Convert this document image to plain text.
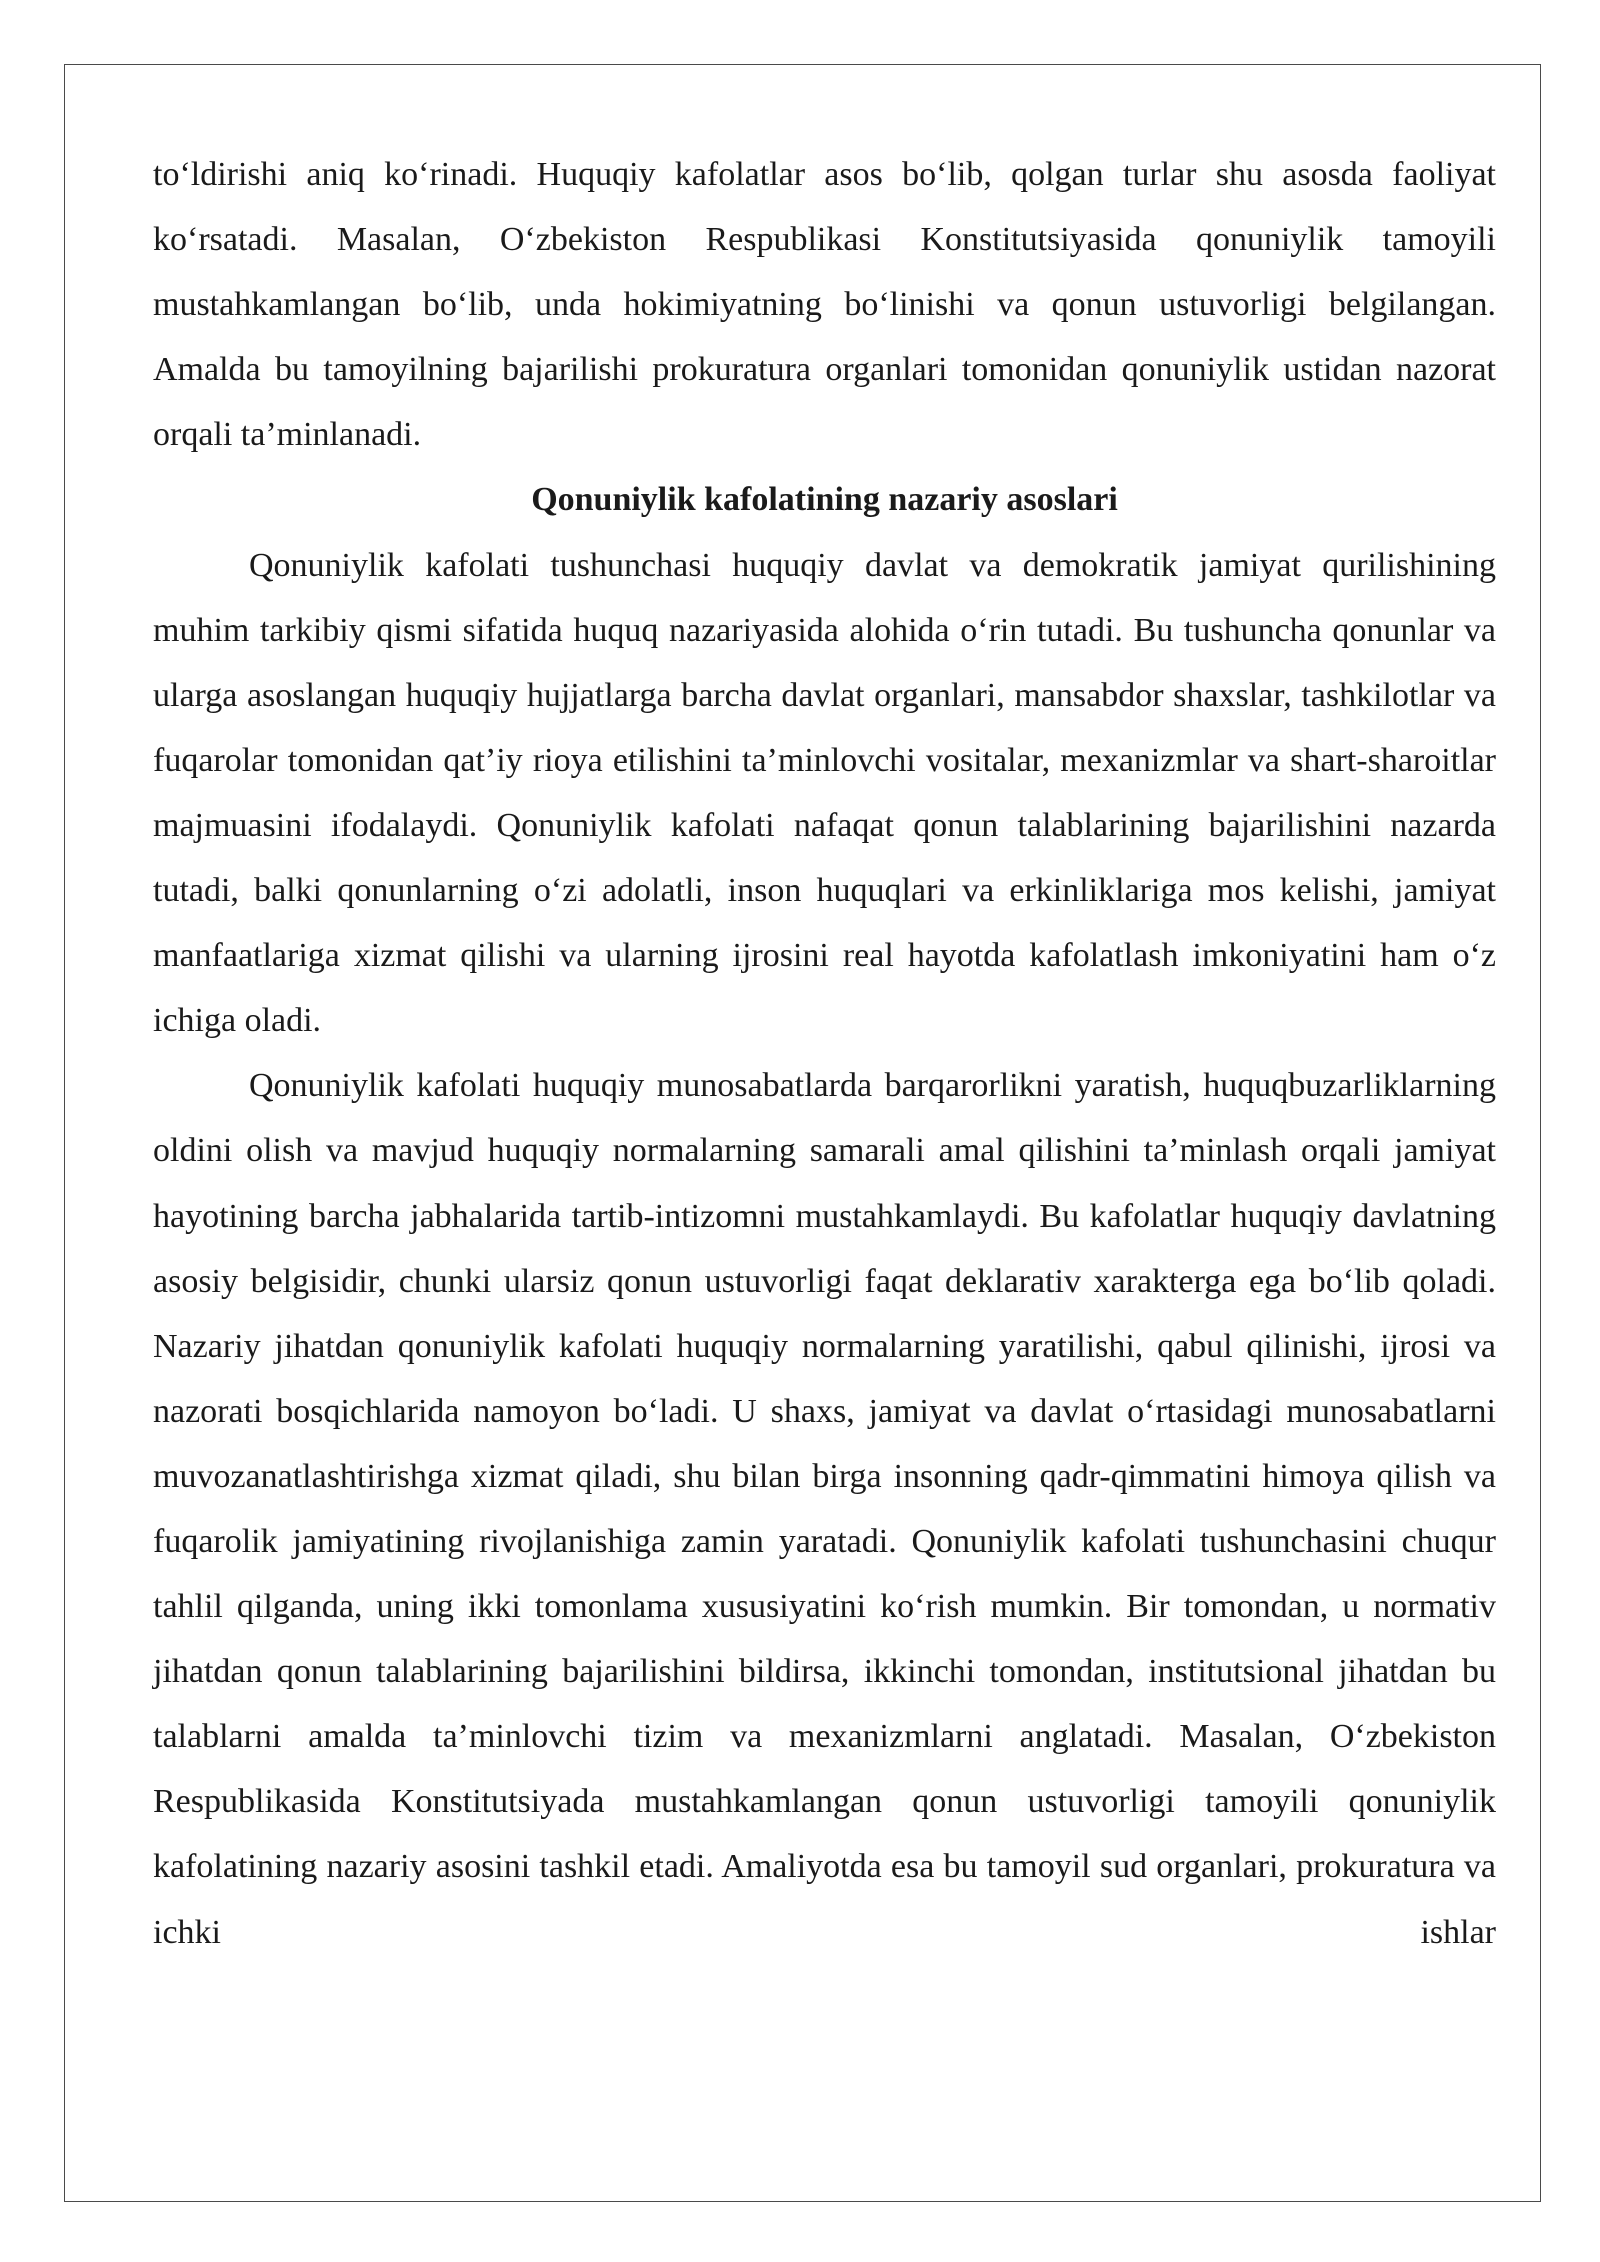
to‘ldirishi aniq ko‘rinadi. Huquqiy kafolatlar asos bo‘lib, qolgan turlar shu asosda faoliyat ko‘rsatadi. Masalan, O‘zbekiston Respublikasi Konstitutsiyasida qonuniylik tamoyili mustahkamlangan bo‘lib, unda hokimiyatning bo‘linishi va qonun ustuvorligi belgilangan. Amalda bu tamoyilning bajarilishi prokuratura organlari tomonidan qonuniylik ustidan nazorat orqali ta’minlanadi.

Qonuniylik kafolatining nazariy asoslari

Qonuniylik kafolati tushunchasi huquqiy davlat va demokratik jamiyat qurilishining muhim tarkibiy qismi sifatida huquq nazariyasida alohida o‘rin tutadi. Bu tushuncha qonunlar va ularga asoslangan huquqiy hujjatlarga barcha davlat organlari, mansabdor shaxslar, tashkilotlar va fuqarolar tomonidan qat’iy rioya etilishini ta’minlovchi vositalar, mexanizmlar va shart-sharoitlar majmuasini ifodalaydi. Qonuniylik kafolati nafaqat qonun talablarining bajarilishini nazarda tutadi, balki qonunlarning o‘zi adolatli, inson huquqlari va erkinliklariga mos kelishi, jamiyat manfaatlariga xizmat qilishi va ularning ijrosini real hayotda kafolatlash imkoniyatini ham o‘z ichiga oladi.

Qonuniylik kafolati huquqiy munosabatlarda barqarorlikni yaratish, huquqbuzarliklarning oldini olish va mavjud huquqiy normalarning samarali amal qilishini ta’minlash orqali jamiyat hayotining barcha jabhalarida tartib-intizomni mustahkamlaydi. Bu kafolatlar huquqiy davlatning asosiy belgisidir, chunki ularsiz qonun ustuvorligi faqat deklarativ xarakterga ega bo‘lib qoladi. Nazariy jihatdan qonuniylik kafolati huquqiy normalarning yaratilishi, qabul qilinishi, ijrosi va nazorati bosqichlarida namoyon bo‘ladi. U shaxs, jamiyat va davlat o‘rtasidagi munosabatlarni muvozanatlashtirishga xizmat qiladi, shu bilan birga insonning qadr-qimmatini himoya qilish va fuqarolik jamiyatining rivojlanishiga zamin yaratadi. Qonuniylik kafolati tushunchasini chuqur tahlil qilganda, uning ikki tomonlama xususiyatini ko‘rish mumkin. Bir tomondan, u normativ jihatdan qonun talablarining bajarilishini bildirsa, ikkinchi tomondan, institutsional jihatdan bu talablarni amalda ta’minlovchi tizim va mexanizmlarni anglatadi. Masalan, O‘zbekiston Respublikasida Konstitutsiyada mustahkamlangan qonun ustuvorligi tamoyili qonuniylik kafolatining nazariy asosini tashkil etadi. Amaliyotda esa bu tamoyil sud organlari, prokuratura va ichki ishlar
